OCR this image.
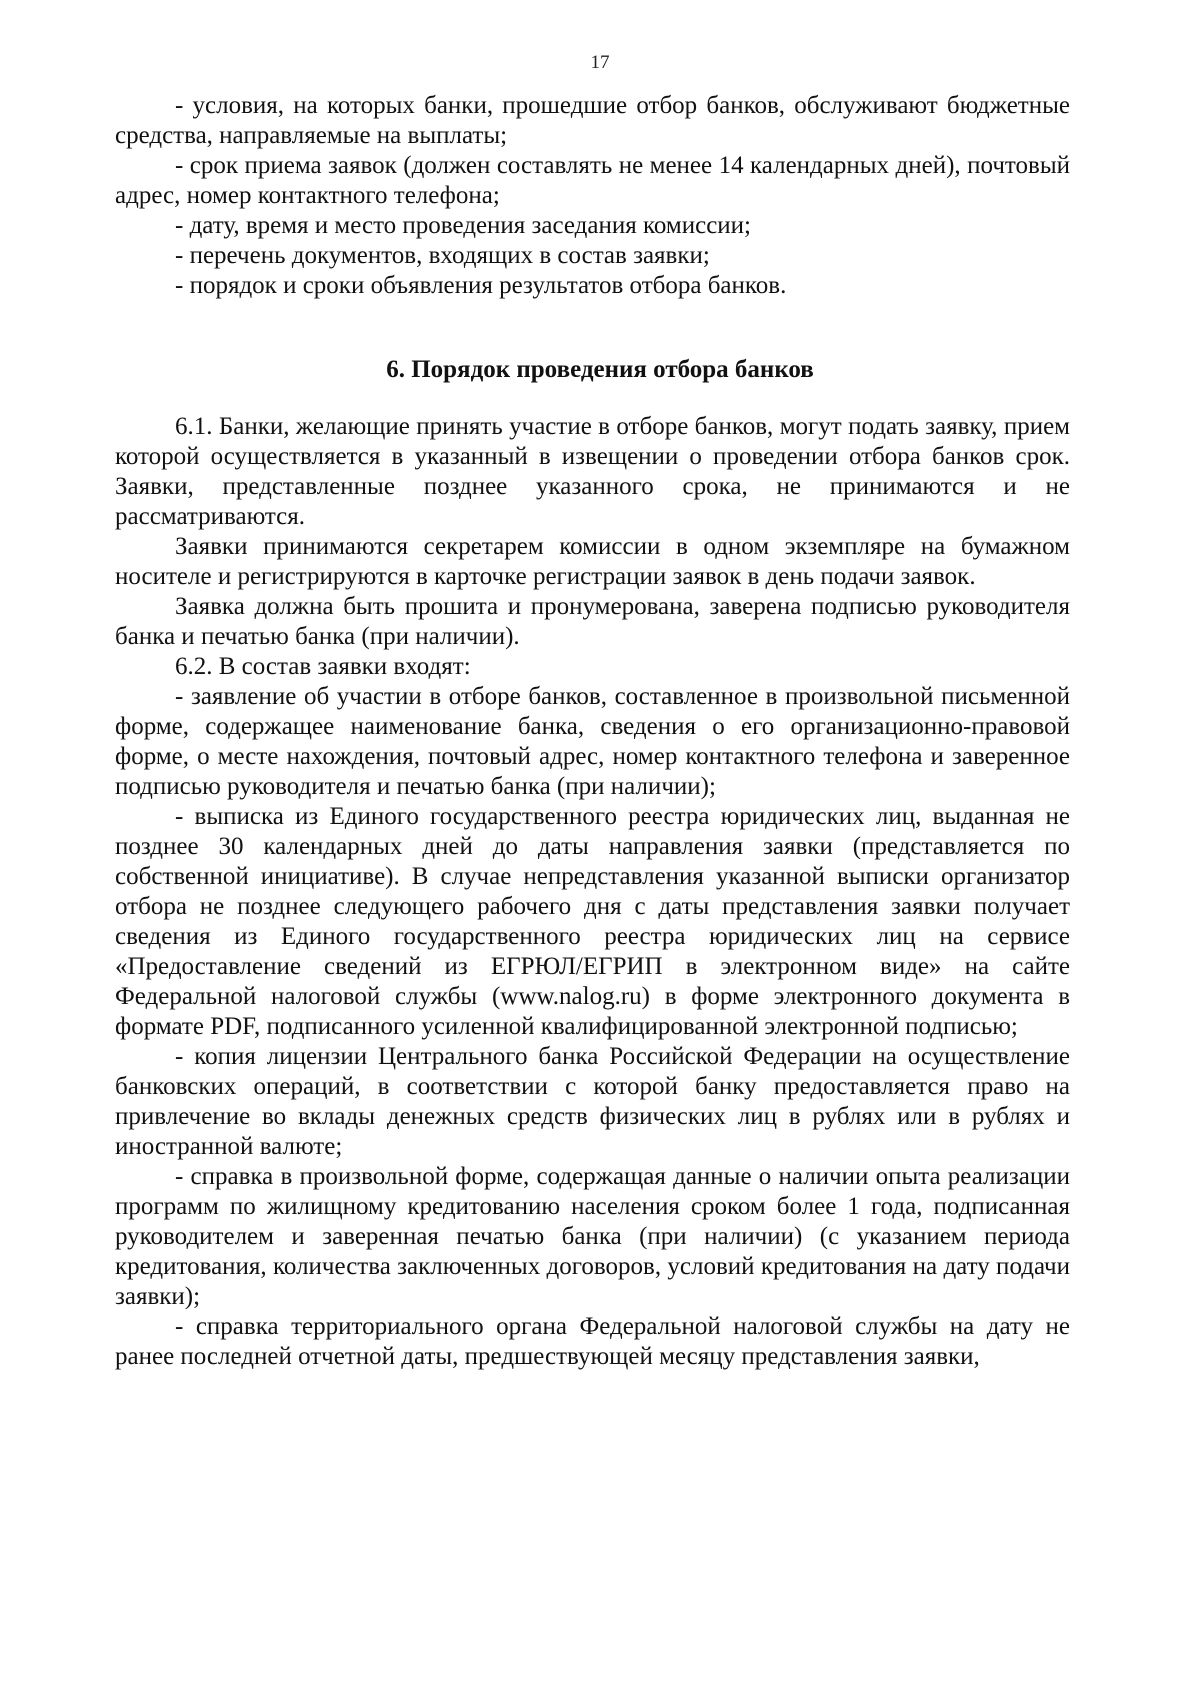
17

- условия, на которых банки, прошедшие отбор банков, обслуживают бюджетные средства, направляемые на выплаты;

- срок приема заявок (должен составлять не менее 14 календарных дней), почтовый адрес, номер контактного телефона;

- дату, время и место проведения заседания комиссии;

- перечень документов, входящих в состав заявки;

- порядок и сроки объявления результатов отбора банков.

6. Порядок проведения отбора банков

6.1. Банки, желающие принять участие в отборе банков, могут подать заявку, прием которой осуществляется в указанный в извещении о проведении отбора банков срок. Заявки, представленные позднее указанного срока, не принимаются и не рассматриваются.

Заявки принимаются секретарем комиссии в одном экземпляре на бумажном носителе и регистрируются в карточке регистрации заявок в день подачи заявок.

Заявка должна быть прошита и пронумерована, заверена подписью руководителя банка и печатью банка (при наличии).

6.2. В состав заявки входят:

- заявление об участии в отборе банков, составленное в произвольной письменной форме, содержащее наименование банка, сведения о его организационно-правовой форме, о месте нахождения, почтовый адрес, номер контактного телефона и заверенное подписью руководителя и печатью банка (при наличии);

- выписка из Единого государственного реестра юридических лиц, выданная не позднее 30 календарных дней до даты направления заявки (представляется по собственной инициативе). В случае непредставления указанной выписки организатор отбора не позднее следующего рабочего дня с даты представления заявки получает сведения из Единого государственного реестра юридических лиц на сервисе «Предоставление сведений из ЕГРЮЛ/ЕГРИП в электронном виде» на сайте Федеральной налоговой службы (www.nalog.ru) в форме электронного документа в формате PDF, подписанного усиленной квалифицированной электронной подписью;

- копия лицензии Центрального банка Российской Федерации на осуществление банковских операций, в соответствии с которой банку предоставляется право на привлечение во вклады денежных средств физических лиц в рублях или в рублях и иностранной валюте;

- справка в произвольной форме, содержащая данные о наличии опыта реализации программ по жилищному кредитованию населения сроком более 1 года, подписанная руководителем и заверенная печатью банка (при наличии) (с указанием периода кредитования, количества заключенных договоров, условий кредитования на дату подачи заявки);

- справка территориального органа Федеральной налоговой службы на дату не ранее последней отчетной даты, предшествующей месяцу представления заявки,
